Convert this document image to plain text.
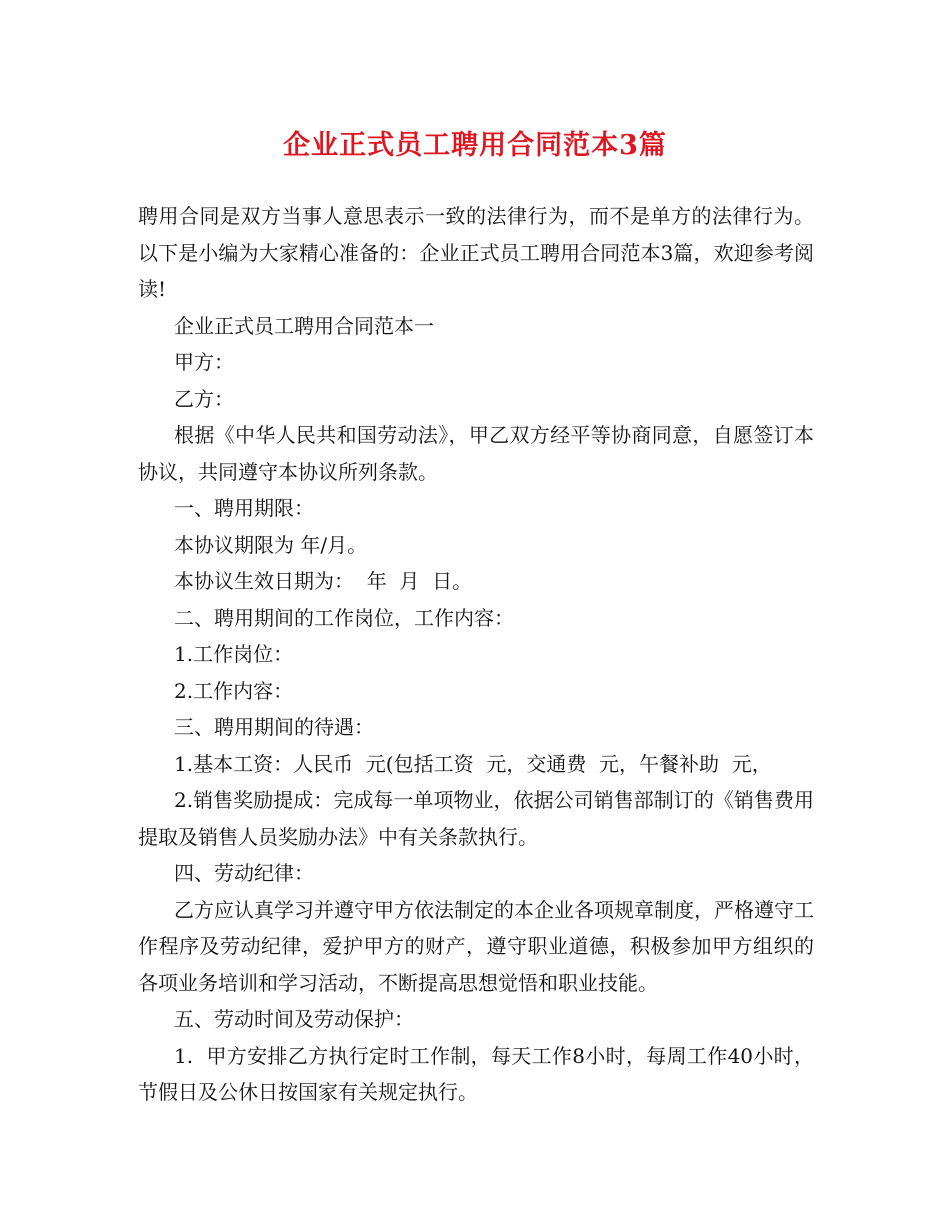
企业正式员工聘用合同范本3篇

聘用合同是双方当事人意思表示一致的法律行为，而不是单方的法律行为。以下是小编为大家精心准备的：企业正式员工聘用合同范本3篇，欢迎参考阅读!

企业正式员工聘用合同范本一

甲方：

乙方：

根据《中华人民共和国劳动法》，甲乙双方经平等协商同意，自愿签订本协议，共同遵守本协议所列条款。

一、聘用期限：

本协议期限为 年/月。

本协议生效日期为：  年  月  日。

二、聘用期间的工作岗位，工作内容：

1.工作岗位：

2.工作内容：

三、聘用期间的待遇：

1.基本工资：人民币  元(包括工资  元，交通费  元，午餐补助  元，

2.销售奖励提成：完成每一单项物业，依据公司销售部制订的《销售费用提取及销售人员奖励办法》中有关条款执行。

四、劳动纪律：

乙方应认真学习并遵守甲方依法制定的本企业各项规章制度，严格遵守工作程序及劳动纪律，爱护甲方的财产，遵守职业道德，积极参加甲方组织的各项业务培训和学习活动，不断提高思想觉悟和职业技能。

五、劳动时间及劳动保护：

1.  甲方安排乙方执行定时工作制，每天工作8小时，每周工作40小时，节假日及公休日按国家有关规定执行。
